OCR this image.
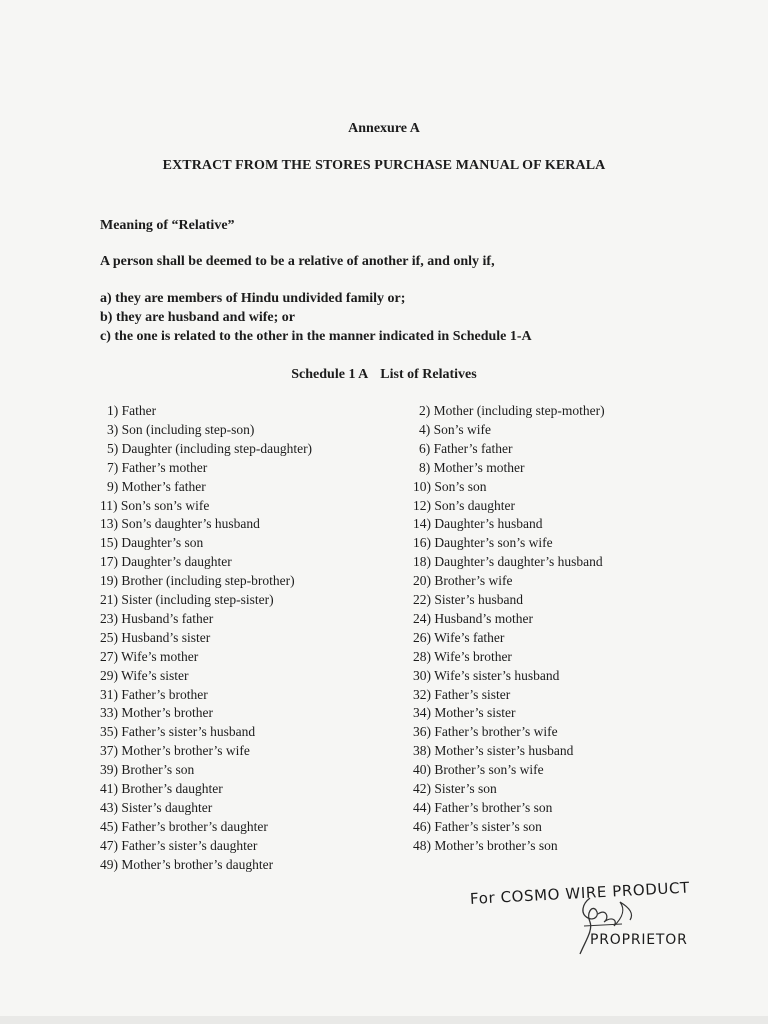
Annexure A
EXTRACT FROM THE STORES PURCHASE MANUAL OF KERALA
Meaning of “Relative”
A person shall be deemed to be a relative of another if, and only if,
a) they are members of Hindu undivided family or;
b) they are husband and wife; or
c) the one is related to the other in the manner indicated in Schedule 1-A
Schedule 1 A List of Relatives
1) Father	2) Mother (including step-mother)
3) Son (including step-son)	4) Son’s wife
5) Daughter (including step-daughter)	6) Father’s father
7) Father’s mother	8) Mother’s mother
9) Mother’s father	10) Son’s son
11) Son’s son’s wife	12) Son’s daughter
13) Son’s daughter’s husband	14) Daughter’s husband
15) Daughter’s son	16) Daughter’s son’s wife
17) Daughter’s daughter	18) Daughter’s daughter’s husband
19) Brother (including step-brother)	20) Brother’s wife
21) Sister (including step-sister)	22) Sister’s husband
23) Husband’s father	24) Husband’s mother
25) Husband’s sister	26) Wife’s father
27) Wife’s mother	28) Wife’s brother
29) Wife’s sister	30) Wife’s sister’s husband
31) Father’s brother	32) Father’s sister
33) Mother’s brother	34) Mother’s sister
35) Father’s sister’s husband	36) Father’s brother’s wife
37) Mother’s brother’s wife	38) Mother’s sister’s husband
39) Brother’s son	40) Brother’s son’s wife
41) Brother’s daughter	42) Sister’s son
43) Sister’s daughter	44) Father’s brother’s son
45) Father’s brother’s daughter	46) Father’s sister’s son
47) Father’s sister’s daughter	48) Mother’s brother’s son
49) Mother’s brother’s daughter
For COSMO WIRE PRODUCT
PROPRIETOR
